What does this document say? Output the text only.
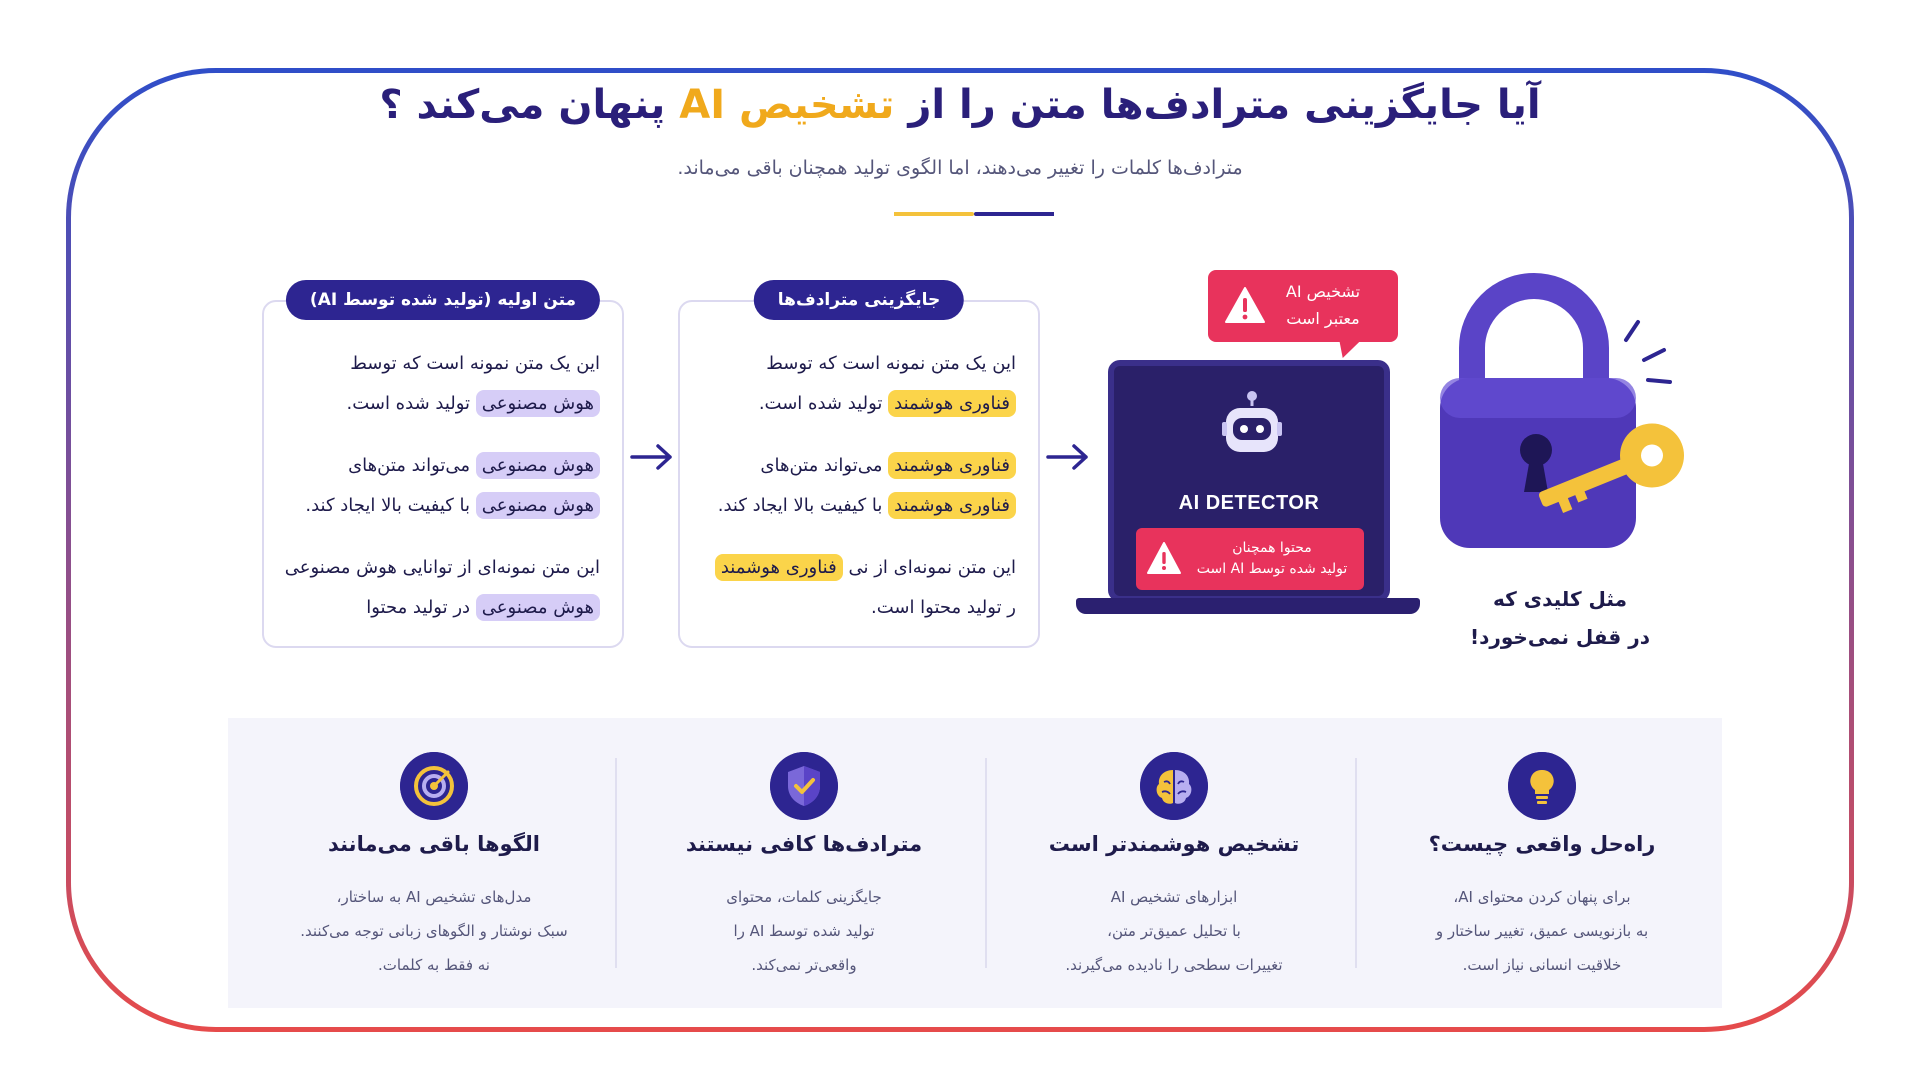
آیا جایگزینی مترادف‌ها متن را از تشخیص AI پنهان می‌کند ؟

مترادف‌ها کلمات را تغییر می‌دهند، اما الگوی تولید همچنان باقی می‌ماند.

متن اولیه (تولید شده توسط AI)
این یک متن نمونه است که توسط
هوش مصنوعی تولید شده است.
هوش مصنوعی می‌تواند متن‌های
هوش مصنوعی با کیفیت بالا ایجاد کند.
این متن نمونه‌ای از توانایی هوش مصنوعی
هوش مصنوعی در تولید محتوا
جایگزینی مترادف‌ها
این یک متن نمونه است که توسط
فناوری هوشمند تولید شده است.
فناوری هوشمند می‌تواند متن‌های
فناوری هوشمند با کیفیت بالا ایجاد کند.
این متن نمونه‌ای از نی فناوری هوشمند
ر تولید محتوا است.
AI DETECTOR
محتوا همچنان
تولید شده توسط AI است
تشخیص AI
معتبر است
مثل کلیدی که
در قفل نمی‌خورد!
راه‌حل واقعی چیست؟

برای پنهان کردن محتوای AI،
به بازنویسی عمیق، تغییر ساختار و
خلاقیت انسانی نیاز است.

تشخیص هوشمندتر است

ابزارهای تشخیص AI
با تحلیل عمیق‌تر متن،
تغییرات سطحی را نادیده می‌گیرند.

مترادف‌ها کافی نیستند

جایگزینی کلمات، محتوای
تولید شده توسط AI را
واقعی‌تر نمی‌کند.

الگوها باقی می‌مانند

مدل‌های تشخیص AI به ساختار،
سبک نوشتار و الگوهای زبانی توجه می‌کنند.
نه فقط به کلمات.
